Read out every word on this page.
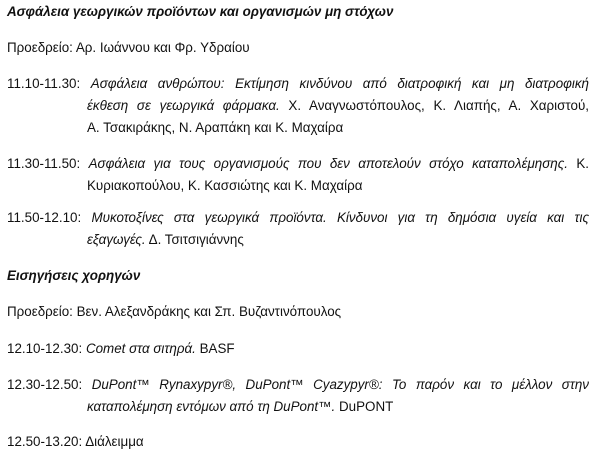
Ασφάλεια γεωργικών προϊόντων και οργανισμών μη στόχων
Προεδρείο: Αρ. Ιωάννου και Φρ. Υδραίου
11.10-11.30: Ασφάλεια ανθρώπου: Εκτίμηση κινδύνου από διατροφική και μη διατροφική
έκθεση σε γεωργικά φάρμακα. Χ. Αναγνωστόπουλος, Κ. Λιαπής, Α. Χαριστού,
Α. Τσακιράκης, Ν. Αραπάκη και Κ. Μαχαίρα
11.30-11.50: Ασφάλεια για τους οργανισμούς που δεν αποτελούν στόχο καταπολέμησης. Κ.
Κυριακοπούλου, Κ. Κασσιώτης και Κ. Μαχαίρα
11.50-12.10: Μυκοτοξίνες στα γεωργικά προϊόντα. Κίνδυνοι για τη δημόσια υγεία και τις
εξαγωγές. Δ. Τσιτσιγιάννης
Εισηγήσεις χορηγών
Προεδρείο: Βεν. Αλεξανδράκης και Σπ. Βυζαντινόπουλος
12.10-12.30: Comet στα σιτηρά. BASF
12.30-12.50: DuPont™ Rynaxypyr®, DuPont™ Cyazypyr®: Το παρόν και το μέλλον στην
καταπολέμηση εντόμων από τη DuPont™. DuPONT
12.50-13.20: Διάλειμμα
